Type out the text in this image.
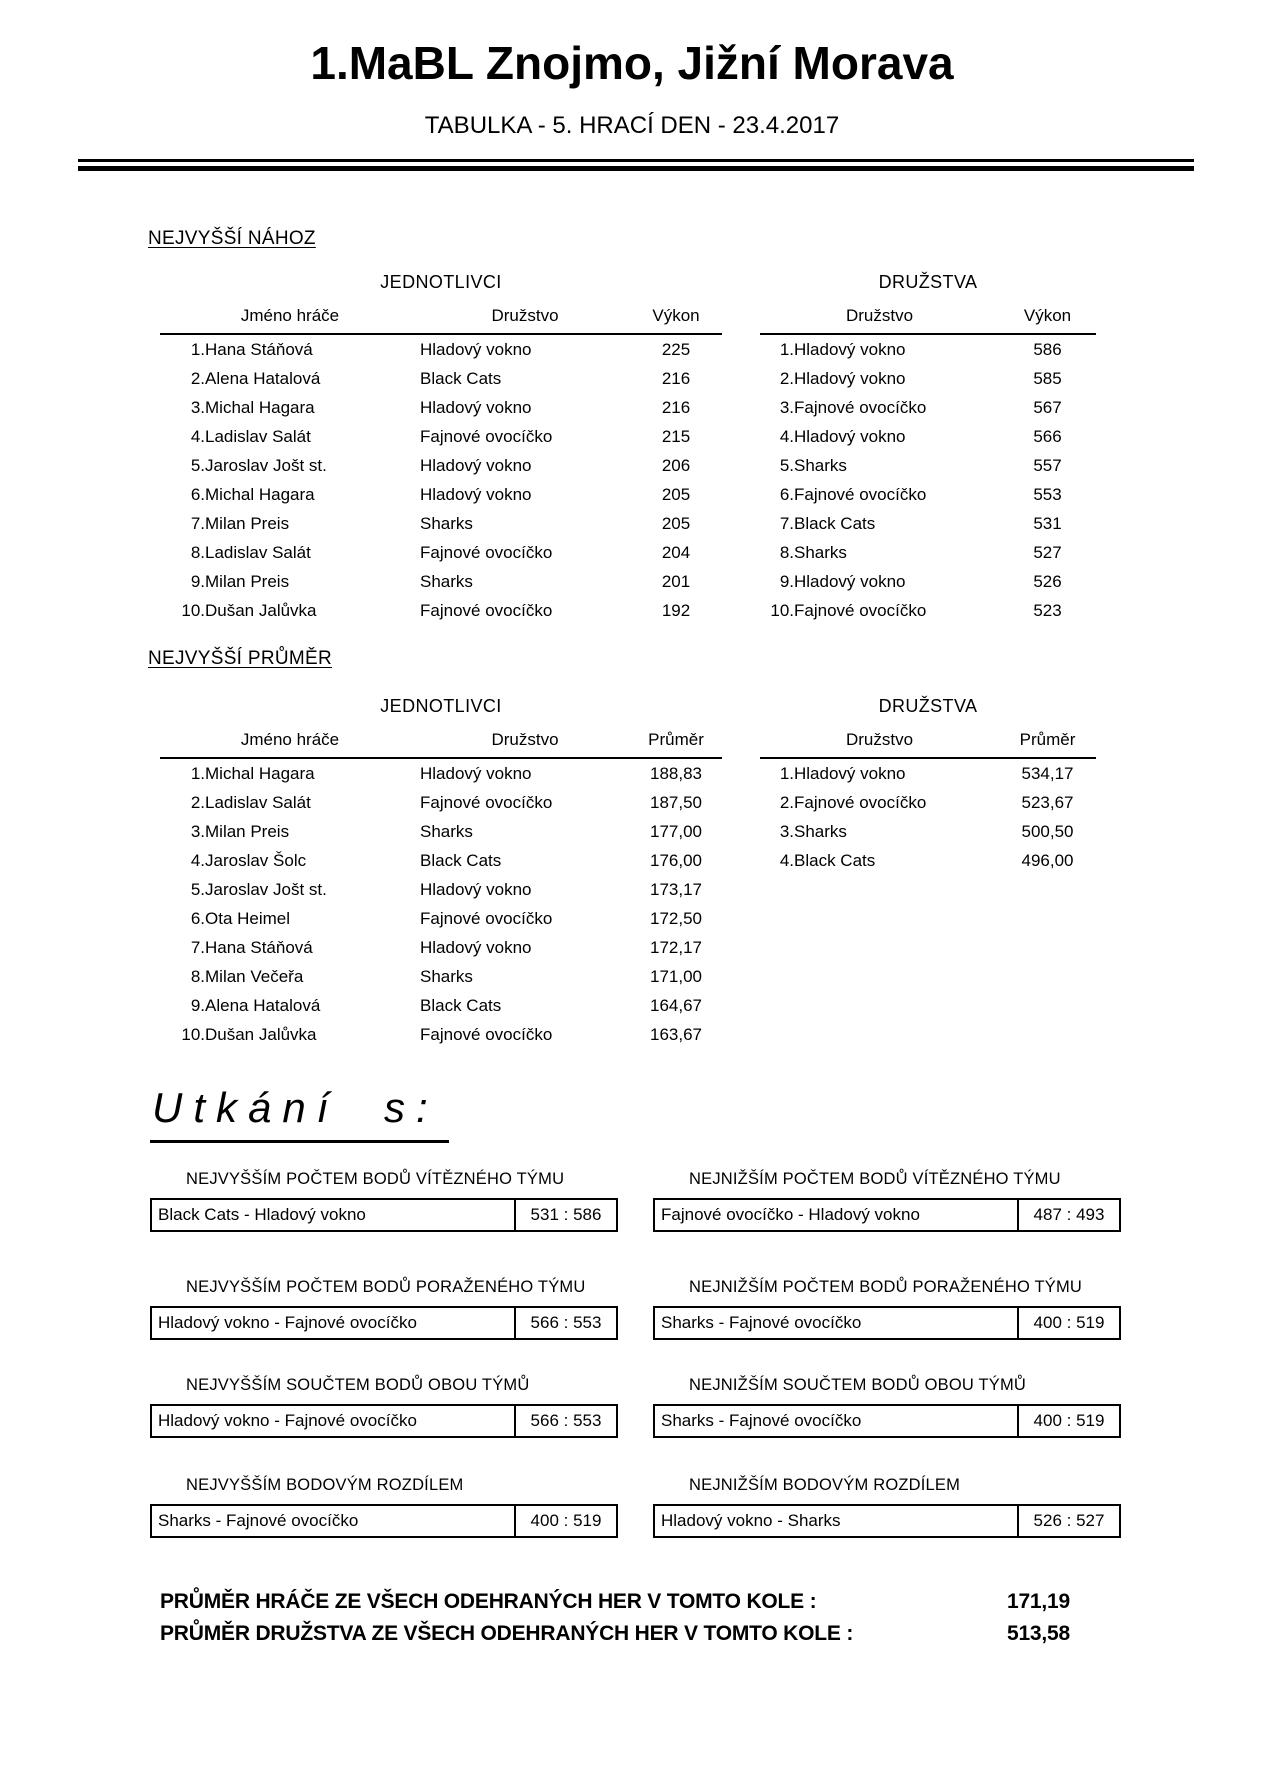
1.MaBL Znojmo, Jižní Morava
TABULKA - 5. HRACÍ DEN - 23.4.2017
NEJVYŠŠÍ NÁHOZ
JEDNOTLIVCI	DRUŽSTVA
Jméno hráče		Družstvo	Výkon
1.	Hana Stáňová	Hladový vokno	225
2.	Alena Hatalová	Black Cats	216
3.	Michal Hagara	Hladový vokno	216
4.	Ladislav Salát	Fajnové ovocíčko	215
5.	Jaroslav Jošt st.	Hladový vokno	206
6.	Michal Hagara	Hladový vokno	205
7.	Milan Preis	Sharks	205
8.	Ladislav Salát	Fajnové ovocíčko	204
9.	Milan Preis	Sharks	201
10.	Dušan Jalůvka	Fajnové ovocíčko	192
Družstvo		Výkon
1.	Hladový vokno	586
2.	Hladový vokno	585
3.	Fajnové ovocíčko	567
4.	Hladový vokno	566
5.	Sharks	557
6.	Fajnové ovocíčko	553
7.	Black Cats	531
8.	Sharks	527
9.	Hladový vokno	526
10.	Fajnové ovocíčko	523
NEJVYŠŠÍ PRŮMĚR
JEDNOTLIVCI	DRUŽSTVA
Jméno hráče		Družstvo	Průměr
1.	Michal Hagara	Hladový vokno	188,83
2.	Ladislav Salát	Fajnové ovocíčko	187,50
3.	Milan Preis	Sharks	177,00
4.	Jaroslav Šolc	Black Cats	176,00
5.	Jaroslav Jošt st.	Hladový vokno	173,17
6.	Ota Heimel	Fajnové ovocíčko	172,50
7.	Hana Stáňová	Hladový vokno	172,17
8.	Milan Večeřa	Sharks	171,00
9.	Alena Hatalová	Black Cats	164,67
10.	Dušan Jalůvka	Fajnové ovocíčko	163,67
Družstvo		Průměr
1.	Hladový vokno	534,17
2.	Fajnové ovocíčko	523,67
3.	Sharks	500,50
4.	Black Cats	496,00
Utkání s:
NEJVYŠŠÍM POČTEM BODŮ VÍTĚZNÉHO TÝMU
Black Cats - Hladový vokno	531 : 586
NEJNIŽŠÍM POČTEM BODŮ VÍTĚZNÉHO TÝMU
Fajnové ovocíčko - Hladový vokno	487 : 493
NEJVYŠŠÍM POČTEM BODŮ PORAŽENÉHO TÝMU
Hladový vokno - Fajnové ovocíčko	566 : 553
NEJNIŽŠÍM POČTEM BODŮ PORAŽENÉHO TÝMU
Sharks - Fajnové ovocíčko	400 : 519
NEJVYŠŠÍM SOUČTEM BODŮ OBOU TÝMŮ
Hladový vokno - Fajnové ovocíčko	566 : 553
NEJNIŽŠÍM SOUČTEM BODŮ OBOU TÝMŮ
Sharks - Fajnové ovocíčko	400 : 519
NEJVYŠŠÍM BODOVÝM ROZDÍLEM
Sharks - Fajnové ovocíčko	400 : 519
NEJNIŽŠÍM BODOVÝM ROZDÍLEM
Hladový vokno - Sharks	526 : 527
PRŮMĚR HRÁČE ZE VŠECH ODEHRANÝCH HER V TOMTO KOLE :	171,19
PRŮMĚR DRUŽSTVA ZE VŠECH ODEHRANÝCH HER V TOMTO KOLE :	513,58
